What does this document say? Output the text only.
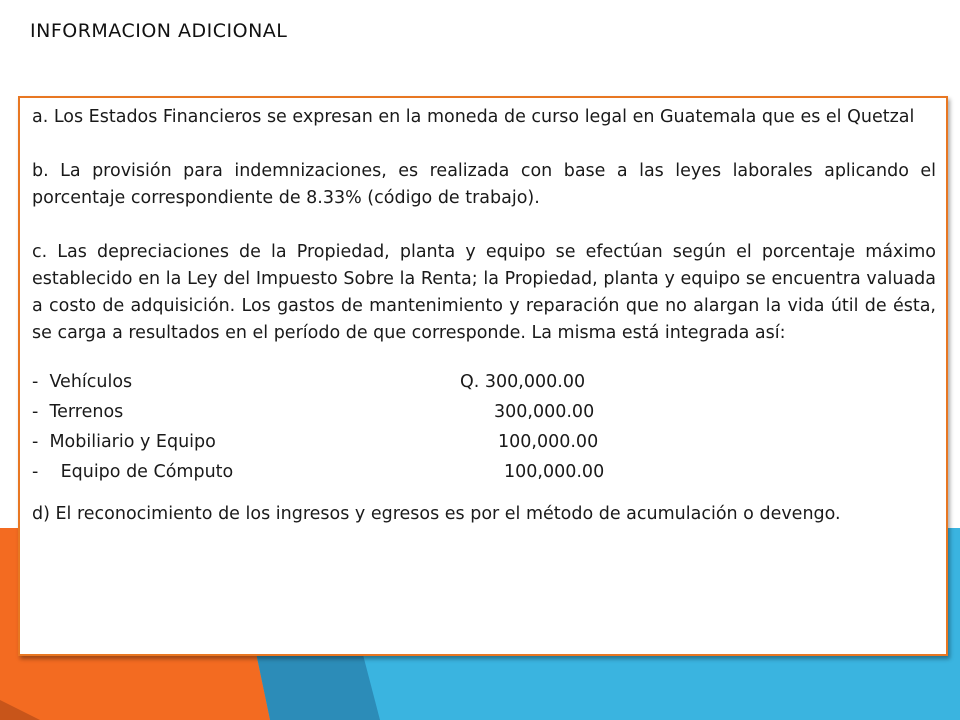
INFORMACION ADICIONAL

a. Los Estados Financieros se expresan en la moneda de curso legal en Guatemala que es el Quetzal

b. La provisión para indemnizaciones, es realizada con base a las leyes laborales aplicando el porcentaje correspondiente de 8.33% (código de trabajo).

c. Las depreciaciones de la Propiedad, planta y equipo se efectúan según el porcentaje máximo establecido en la Ley del Impuesto Sobre la Renta; la Propiedad, planta y equipo se encuentra valuada a costo de adquisición. Los gastos de mantenimiento y reparación que no alargan la vida útil de ésta, se carga a resultados en el período de que corresponde. La misma está integrada así:

-  Vehículos	Q. 300,000.00
-  Terrenos	300,000.00
-  Mobiliario y Equipo	100,000.00
-    Equipo de Cómputo	100,000.00

d) El reconocimiento de los ingresos y egresos es por el método de acumulación o devengo.
